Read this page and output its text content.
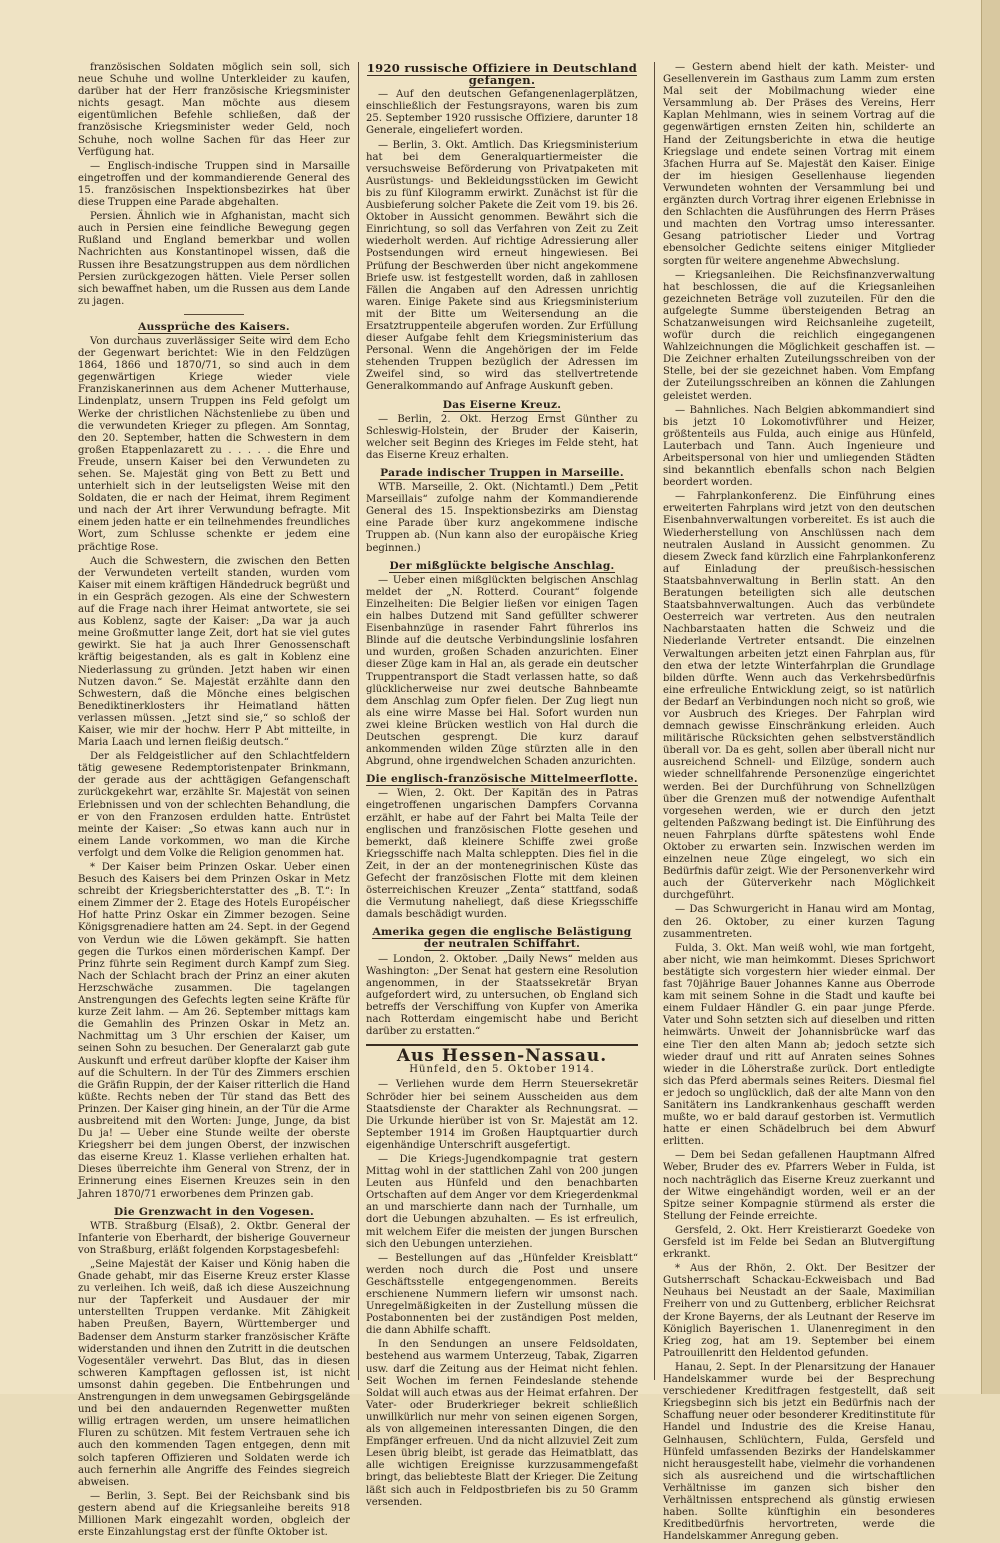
französischen Soldaten möglich sein soll, sich neue Schuhe und wollne Unterkleider zu kaufen, darüber hat der Herr französische Kriegsminister nichts gesagt. Man möchte aus diesem eigentümlichen Befehle schließen, daß der französische Kriegsminister weder Geld, noch Schuhe, noch wollne Sachen für das Heer zur Verfügung hat.

— Englisch-indische Truppen sind in Marsaille eingetroffen und der kommandierende General des 15. französischen Inspektionsbezirkes hat über diese Truppen eine Parade abgehalten.

Persien. Ähnlich wie in Afghanistan, macht sich auch in Persien eine feindliche Bewegung gegen Rußland und England bemerkbar und wollen Nachrichten aus Konstantinopel wissen, daß die Russen ihre Besatzungstruppen aus dem nördlichen Persien zurückgezogen hätten. Viele Perser sollen sich bewaffnet haben, um die Russen aus dem Lande zu jagen.

Aussprüche des Kaisers.

Von durchaus zuverlässiger Seite wird dem Echo der Gegenwart berichtet: Wie in den Feldzügen 1864, 1866 und 1870/71, so sind auch in dem gegenwärtigen Kriege wieder viele Franziskanerinnen aus dem Achener Mutterhause, Lindenplatz, unsern Truppen ins Feld gefolgt um Werke der christlichen Nächstenliebe zu üben und die verwundeten Krieger zu pflegen. Am Sonntag, den 20. September, hatten die Schwestern in dem großen Etappenlazarett zu . . . . . die Ehre und Freude, unsern Kaiser bei den Verwundeten zu sehen. Se. Majestät ging von Bett zu Bett und unterhielt sich in der leutseligsten Weise mit den Soldaten, die er nach der Heimat, ihrem Regiment und nach der Art ihrer Verwundung befragte. Mit einem jeden hatte er ein teilnehmendes freundliches Wort, zum Schlusse schenkte er jedem eine prächtige Rose.

Auch die Schwestern, die zwischen den Betten der Verwundeten verteilt standen, wurden vom Kaiser mit einem kräftigen Händedruck begrüßt und in ein Gespräch gezogen. Als eine der Schwestern auf die Frage nach ihrer Heimat antwortete, sie sei aus Koblenz, sagte der Kaiser: „Da war ja auch meine Großmutter lange Zeit, dort hat sie viel gutes gewirkt. Sie hat ja auch Ihrer Genossenschaft kräftig beigestanden, als es galt in Koblenz eine Niederlassung zu gründen. Jetzt haben wir einen Nutzen davon.“ Se. Majestät erzählte dann den Schwestern, daß die Mönche eines belgischen Benediktinerklosters ihr Heimatland hätten verlassen müssen. „Jetzt sind sie,“ so schloß der Kaiser, wie mir der hochw. Herr P Abt mitteilte, in Maria Laach und lernen fleißig deutsch.“

Der als Feldgeistlicher auf den Schlachtfeldern tätig gewesene Redemptoristenpater Brinkmann, der gerade aus der achttägigen Gefangenschaft zurückgekehrt war, erzählte Sr. Majestät von seinen Erlebnissen und von der schlechten Behandlung, die er von den Franzosen erdulden hatte. Entrüstet meinte der Kaiser: „So etwas kann auch nur in einem Lande vorkommen, wo man die Kirche verfolgt und dem Volke die Religion genommen hat.

* Der Kaiser beim Prinzen Oskar. Ueber einen Besuch des Kaisers bei dem Prinzen Oskar in Metz schreibt der Kriegsberichterstatter des „B. T.“: In einem Zimmer der 2. Etage des Hotels Européischer Hof hatte Prinz Oskar ein Zimmer bezogen. Seine Königsgrenadiere hatten am 24. Sept. in der Gegend von Verdun wie die Löwen gekämpft. Sie hatten gegen die Turkos einen mörderischen Kampf. Der Prinz führte sein Regiment durch Kampf zum Sieg. Nach der Schlacht brach der Prinz an einer akuten Herzschwäche zusammen. Die tagelangen Anstrengungen des Gefechts legten seine Kräfte für kurze Zeit lahm. — Am 26. September mittags kam die Gemahlin des Prinzen Oskar in Metz an. Nachmittag um 3 Uhr erschien der Kaiser, um seinen Sohn zu besuchen. Der Generalarzt gab gute Auskunft und erfreut darüber klopfte der Kaiser ihm auf die Schultern. In der Tür des Zimmers erschien die Gräfin Ruppin, der der Kaiser ritterlich die Hand küßte. Rechts neben der Tür stand das Bett des Prinzen. Der Kaiser ging hinein, an der Tür die Arme ausbreitend mit den Worten: Junge, Junge, da bist Du ja! — Ueber eine Stunde weilte der oberste Kriegsherr bei dem jungen Oberst, der inzwischen das eiserne Kreuz 1. Klasse verliehen erhalten hat. Dieses überreichte ihm General von Strenz, der in Erinnerung eines Eisernen Kreuzes sein in den Jahren 1870/71 erworbenes dem Prinzen gab.

Die Grenzwacht in den Vogesen.

WTB. Straßburg (Elsaß), 2. Oktbr. General der Infanterie von Eberhardt, der bisherige Gouverneur von Straßburg, erläßt folgenden Korpstagesbefehl:

„Seine Majestät der Kaiser und König haben die Gnade gehabt, mir das Eiserne Kreuz erster Klasse zu verleihen. Ich weiß, daß ich diese Auszeichnung nur der Tapferkeit und Ausdauer der mir unterstellten Truppen verdanke. Mit Zähigkeit haben Preußen, Bayern, Württemberger und Badenser dem Ansturm starker französischer Kräfte widerstanden und ihnen den Zutritt in die deutschen Vogesentäler verwehrt. Das Blut, das in diesen schweren Kampftagen geflossen ist, ist nicht umsonst dahin gegeben. Die Entbehrungen und Anstrengungen in dem unwegsamen Gebirgsgelände und bei den andauernden Regenwetter mußten willig ertragen werden, um unsere heimatlichen Fluren zu schützen. Mit festem Vertrauen sehe ich auch den kommenden Tagen entgegen, denn mit solch tapferen Offizieren und Soldaten werde ich auch fernerhin alle Angriffe des Feindes siegreich abweisen.

— Berlin, 3. Sept. Bei der Reichsbank sind bis gestern abend auf die Kriegsanleihe bereits 918 Millionen Mark eingezahlt worden, obgleich der erste Einzahlungstag erst der fünfte Oktober ist.

1920 russische Offiziere in Deutschland gefangen.

— Auf den deutschen Gefangenenlagerplätzen, einschließlich der Festungsrayons, waren bis zum 25. September 1920 russische Offiziere, darunter 18 Generale, eingeliefert worden.

— Berlin, 3. Okt. Amtlich. Das Kriegsministerium hat bei dem Generalquartiermeister die versuchsweise Beförderung von Privatpaketen mit Ausrüstungs- und Bekleidungsstücken im Gewicht bis zu fünf Kilogramm erwirkt. Zunächst ist für die Ausbieferung solcher Pakete die Zeit vom 19. bis 26. Oktober in Aussicht genommen. Bewährt sich die Einrichtung, so soll das Verfahren von Zeit zu Zeit wiederholt werden. Auf richtige Adressierung aller Postsendungen wird erneut hingewiesen. Bei Prüfung der Beschwerden über nicht angekommene Briefe usw. ist festgestellt worden, daß in zahllosen Fällen die Angaben auf den Adressen unrichtig waren. Einige Pakete sind aus Kriegsministerium mit der Bitte um Weitersendung an die Ersatztruppenteile abgerufen worden. Zur Erfüllung dieser Aufgabe fehlt dem Kriegsministerium das Personal. Wenn die Angehörigen der im Felde stehenden Truppen bezüglich der Adressen im Zweifel sind, so wird das stellvertretende Generalkommando auf Anfrage Auskunft geben.

Das Eiserne Kreuz.

— Berlin, 2. Okt. Herzog Ernst Günther zu Schleswig-Holstein, der Bruder der Kaiserin, welcher seit Beginn des Krieges im Felde steht, hat das Eiserne Kreuz erhalten.

Parade indischer Truppen in Marseille.

WTB. Marseille, 2. Okt. (Nichtamtl.) Dem „Petit Marseillais“ zufolge nahm der Kommandierende General des 15. Inspektionsbezirks am Dienstag eine Parade über kurz angekommene indische Truppen ab. (Nun kann also der europäische Krieg beginnen.)

Der mißglückte belgische Anschlag.

— Ueber einen mißglückten belgischen Anschlag meldet der „N. Rotterd. Courant“ folgende Einzelheiten: Die Belgier ließen vor einigen Tagen ein halbes Dutzend mit Sand gefüllter schwerer Eisenbahnzüge in rasender Fahrt führerlos ins Blinde auf die deutsche Verbindungslinie losfahren und wurden, großen Schaden anzurichten. Einer dieser Züge kam in Hal an, als gerade ein deutscher Truppentransport die Stadt verlassen hatte, so daß glücklicherweise nur zwei deutsche Bahnbeamte dem Anschlag zum Opfer fielen. Der Zug liegt nun als eine wirre Masse bei Hal. Sofort wurden nun zwei kleine Brücken westlich von Hal durch die Deutschen gesprengt. Die kurz darauf ankommenden wilden Züge stürzten alle in den Abgrund, ohne irgendwelchen Schaden anzurichten.

Die englisch-französische Mittelmeerflotte.

— Wien, 2. Okt. Der Kapitän des in Patras eingetroffenen ungarischen Dampfers Corvanna erzählt, er habe auf der Fahrt bei Malta Teile der englischen und französischen Flotte gesehen und bemerkt, daß kleinere Schiffe zwei große Kriegsschiffe nach Malta schleppten. Dies fiel in die Zeit, in der an der montenegrinischen Küste das Gefecht der französischen Flotte mit dem kleinen österreichischen Kreuzer „Zenta“ stattfand, sodaß die Vermutung naheliegt, daß diese Kriegsschiffe damals beschädigt wurden.

Amerika gegen die englische Belästigung der neutralen Schiffahrt.

— London, 2. Oktober. „Daily News“ melden aus Washington: „Der Senat hat gestern eine Resolution angenommen, in der Staatssekretär Bryan aufgefordert wird, zu untersuchen, ob England sich betreffs der Verschiffung von Kupfer von Amerika nach Rotterdam eingemischt habe und Bericht darüber zu erstatten.“

Aus Hessen-Nassau.
Hünfeld, den 5. Oktober 1914.

— Verliehen wurde dem Herrn Steuersekretär Schröder hier bei seinem Ausscheiden aus dem Staatsdienste der Charakter als Rechnungsrat. — Die Urkunde hierüber ist von Sr. Majestät am 12. September 1914 im Großen Hauptquartier durch eigenhändige Unterschrift ausgefertigt.

— Die Kriegs-Jugendkompagnie trat gestern Mittag wohl in der stattlichen Zahl von 200 jungen Leuten aus Hünfeld und den benachbarten Ortschaften auf dem Anger vor dem Kriegerdenkmal an und marschierte dann nach der Turnhalle, um dort die Uebungen abzuhalten. — Es ist erfreulich, mit welchem Eifer die meisten der jungen Burschen sich den Uebungen unterziehen.

— Bestellungen auf das „Hünfelder Kreisblatt“ werden noch durch die Post und unsere Geschäftsstelle entgegengenommen. Bereits erschienene Nummern liefern wir umsonst nach. Unregelmäßigkeiten in der Zustellung müssen die Postabonnenten bei der zuständigen Post melden, die dann Abhilfe schafft.

In den Sendungen an unsere Feldsoldaten, bestehend aus warmem Unterzeug, Tabak, Zigarren usw. darf die Zeitung aus der Heimat nicht fehlen. Seit Wochen im fernen Feindeslande stehende Soldat will auch etwas aus der Heimat erfahren. Der Vater- oder Bruderkrieger bekreit schließlich unwillkürlich nur mehr von seinen eigenen Sorgen, als von allgemeinen interessanten Dingen, die den Empfänger erfreuen. Und da nicht allzuviel Zeit zum Lesen übrig bleibt, ist gerade das Heimatblatt, das alle wichtigen Ereignisse kurzzusammengefaßt bringt, das beliebteste Blatt der Krieger. Die Zeitung läßt sich auch in Feldpostbriefen bis zu 50 Gramm versenden.

— Gestern abend hielt der kath. Meister- und Gesellenverein im Gasthaus zum Lamm zum ersten Mal seit der Mobilmachung wieder eine Versammlung ab. Der Präses des Vereins, Herr Kaplan Mehlmann, wies in seinem Vortrag auf die gegenwärtigen ernsten Zeiten hin, schilderte an Hand der Zeitungsberichte in etwa die heutige Kriegslage und endete seinen Vortrag mit einem 3fachen Hurra auf Se. Majestät den Kaiser. Einige der im hiesigen Gesellenhause liegenden Verwundeten wohnten der Versammlung bei und ergänzten durch Vortrag ihrer eigenen Erlebnisse in den Schlachten die Ausführungen des Herrn Präses und machten den Vortrag umso interessanter. Gesang patriotischer Lieder und Vortrag ebensolcher Gedichte seitens einiger Mitglieder sorgten für weitere angenehme Abwechslung.

— Kriegsanleihen. Die Reichsfinanzverwaltung hat beschlossen, die auf die Kriegsanleihen gezeichneten Beträge voll zuzuteilen. Für den die aufgelegte Summe übersteigenden Betrag an Schatzanweisungen wird Reichsanleihe zugeteilt, wofür durch die reichlich eingegangenen Wahlzeichnungen die Möglichkeit geschaffen ist. — Die Zeichner erhalten Zuteilungsschreiben von der Stelle, bei der sie gezeichnet haben. Vom Empfang der Zuteilungsschreiben an können die Zahlungen geleistet werden.

— Bahnliches. Nach Belgien abkommandiert sind bis jetzt 10 Lokomotivführer und Heizer, größtenteils aus Fulda, auch einige aus Hünfeld, Lauterbach und Tann. Auch Ingenieure und Arbeitspersonal von hier und umliegenden Städten sind bekanntlich ebenfalls schon nach Belgien beordert worden.

— Fahrplankonferenz. Die Einführung eines erweiterten Fahrplans wird jetzt von den deutschen Eisenbahnverwaltungen vorbereitet. Es ist auch die Wiederherstellung von Anschlüssen nach dem neutralen Ausland in Aussicht genommen. Zu diesem Zweck fand kürzlich eine Fahrplankonferenz auf Einladung der preußisch-hessischen Staatsbahnverwaltung in Berlin statt. An den Beratungen beteiligten sich alle deutschen Staatsbahnverwaltungen. Auch das verbündete Oesterreich war vertreten. Aus den neutralen Nachbarstaaten hatten die Schweiz und die Niederlande Vertreter entsandt. Die einzelnen Verwaltungen arbeiten jetzt einen Fahrplan aus, für den etwa der letzte Winterfahrplan die Grundlage bilden dürfte. Wenn auch das Verkehrsbedürfnis eine erfreuliche Entwicklung zeigt, so ist natürlich der Bedarf an Verbindungen noch nicht so groß, wie vor Ausbruch des Krieges. Der Fahrplan wird demnach gewisse Einschränkung erleiden. Auch militärische Rücksichten gehen selbstverständlich überall vor. Da es geht, sollen aber überall nicht nur ausreichend Schnell- und Eilzüge, sondern auch wieder schnellfahrende Personenzüge eingerichtet werden. Bei der Durchführung von Schnellzügen über die Grenzen muß der notwendige Aufenthalt vorgesehen werden, wie er durch den jetzt geltenden Paßzwang bedingt ist. Die Einführung des neuen Fahrplans dürfte spätestens wohl Ende Oktober zu erwarten sein. Inzwischen werden im einzelnen neue Züge eingelegt, wo sich ein Bedürfnis dafür zeigt. Wie der Personenverkehr wird auch der Güterverkehr nach Möglichkeit durchgeführt.

— Das Schwurgericht in Hanau wird am Montag, den 26. Oktober, zu einer kurzen Tagung zusammentreten.

Fulda, 3. Okt. Man weiß wohl, wie man fortgeht, aber nicht, wie man heimkommt. Dieses Sprichwort bestätigte sich vorgestern hier wieder einmal. Der fast 70jährige Bauer Johannes Kanne aus Oberrode kam mit seinem Sohne in die Stadt und kaufte bei einem Fuldaer Händler G. ein paar junge Pferde. Vater und Sohn setzten sich auf dieselben und ritten heimwärts. Unweit der Johannisbrücke warf das eine Tier den alten Mann ab; jedoch setzte sich wieder drauf und ritt auf Anraten seines Sohnes wieder in die Löherstraße zurück. Dort entledigte sich das Pferd abermals seines Reiters. Diesmal fiel er jedoch so unglücklich, daß der alte Mann von den Sanitätern ins Landkrankenhaus geschafft werden mußte, wo er bald darauf gestorben ist. Vermutlich hatte er einen Schädelbruch bei dem Abwurf erlitten.

— Dem bei Sedan gefallenen Hauptmann Alfred Weber, Bruder des ev. Pfarrers Weber in Fulda, ist noch nachträglich das Eiserne Kreuz zuerkannt und der Witwe eingehändigt worden, weil er an der Spitze seiner Kompagnie stürmend als erster die Stellung der Feinde erreichte.

Gersfeld, 2. Okt. Herr Kreistierarzt Goedeke von Gersfeld ist im Felde bei Sedan an Blutvergiftung erkrankt.

* Aus der Rhön, 2. Okt. Der Besitzer der Gutsherrschaft Schackau-Eckweisbach und Bad Neuhaus bei Neustadt an der Saale, Maximilian Freiherr von und zu Guttenberg, erblicher Reichsrat der Krone Bayerns, der als Leutnant der Reserve im Königlich Bayerischen 1. Ulanenregiment in den Krieg zog, hat am 19. September bei einem Patrouillenritt den Heldentod gefunden.

Hanau, 2. Sept. In der Plenarsitzung der Hanauer Handelskammer wurde bei der Besprechung verschiedener Kreditfragen festgestellt, daß seit Kriegsbeginn sich bis jetzt ein Bedürfnis nach der Schaffung neuer oder besonderer Kreditinstitute für Handel und Industrie des die Kreise Hanau, Gelnhausen, Schlüchtern, Fulda, Gersfeld und Hünfeld umfassenden Bezirks der Handelskammer nicht herausgestellt habe, vielmehr die vorhandenen sich als ausreichend und die wirtschaftlichen Verhältnisse im ganzen sich bisher den Verhältnissen entsprechend als günstig erwiesen haben. Sollte künftighin ein besonderes Kreditbedürfnis hervortreten, werde die Handelskammer Anregung geben.
